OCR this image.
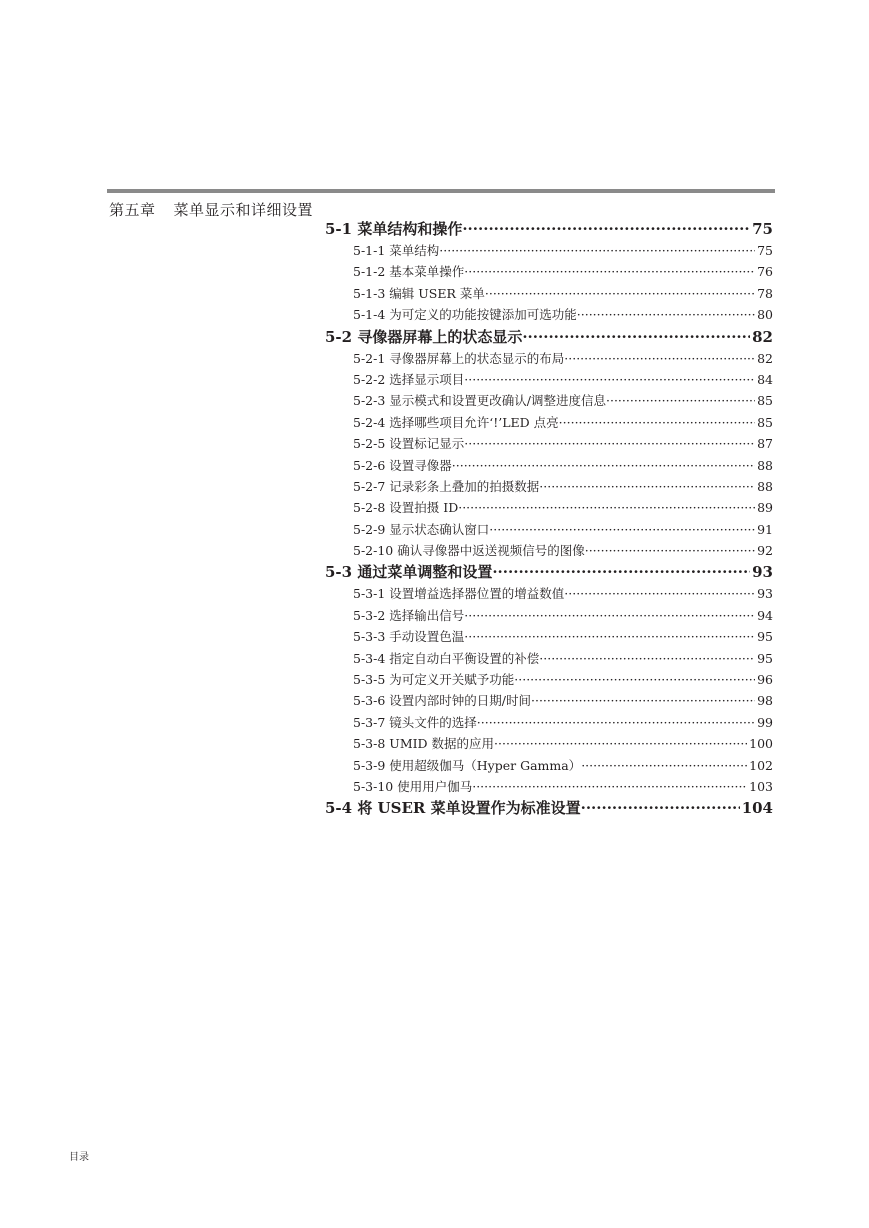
第五章 菜单显示和详细设置
5-1 菜单结构和操作 ·····	75
5-1-1 菜单结构 ·····	75
5-1-2 基本菜单操作 ·····	76
5-1-3 编辑 USER 菜单 ·····	78
5-1-4 为可定义的功能按键添加可选功能 ·····	80
5-2 寻像器屏幕上的状态显示 ·····	82
5-2-1 寻像器屏幕上的状态显示的布局 ·····	82
5-2-2 选择显示项目 ·····	84
5-2-3 显示模式和设置更改确认/调整进度信息 ·····	85
5-2-4 选择哪些项目允许‘!’LED 点亮 ·····	85
5-2-5 设置标记显示 ·····	87
5-2-6 设置寻像器 ·····	88
5-2-7 记录彩条上叠加的拍摄数据 ·····	88
5-2-8 设置拍摄 ID ·····	89
5-2-9 显示状态确认窗口 ·····	91
5-2-10 确认寻像器中返送视频信号的图像 ·····	92
5-3 通过菜单调整和设置 ·····	93
5-3-1 设置增益选择器位置的增益数值 ·····	93
5-3-2 选择输出信号 ·····	94
5-3-3 手动设置色温 ·····	95
5-3-4 指定自动白平衡设置的补偿 ·····	95
5-3-5 为可定义开关赋予功能 ·····	96
5-3-6 设置内部时钟的日期/时间 ·····	98
5-3-7 镜头文件的选择 ·····	99
5-3-8 UMID 数据的应用 ·····	100
5-3-9 使用超级伽马（Hyper Gamma） ·····	102
5-3-10 使用用户伽马 ·····	103
5-4 将 USER 菜单设置作为标准设置 ·····	104
目录
